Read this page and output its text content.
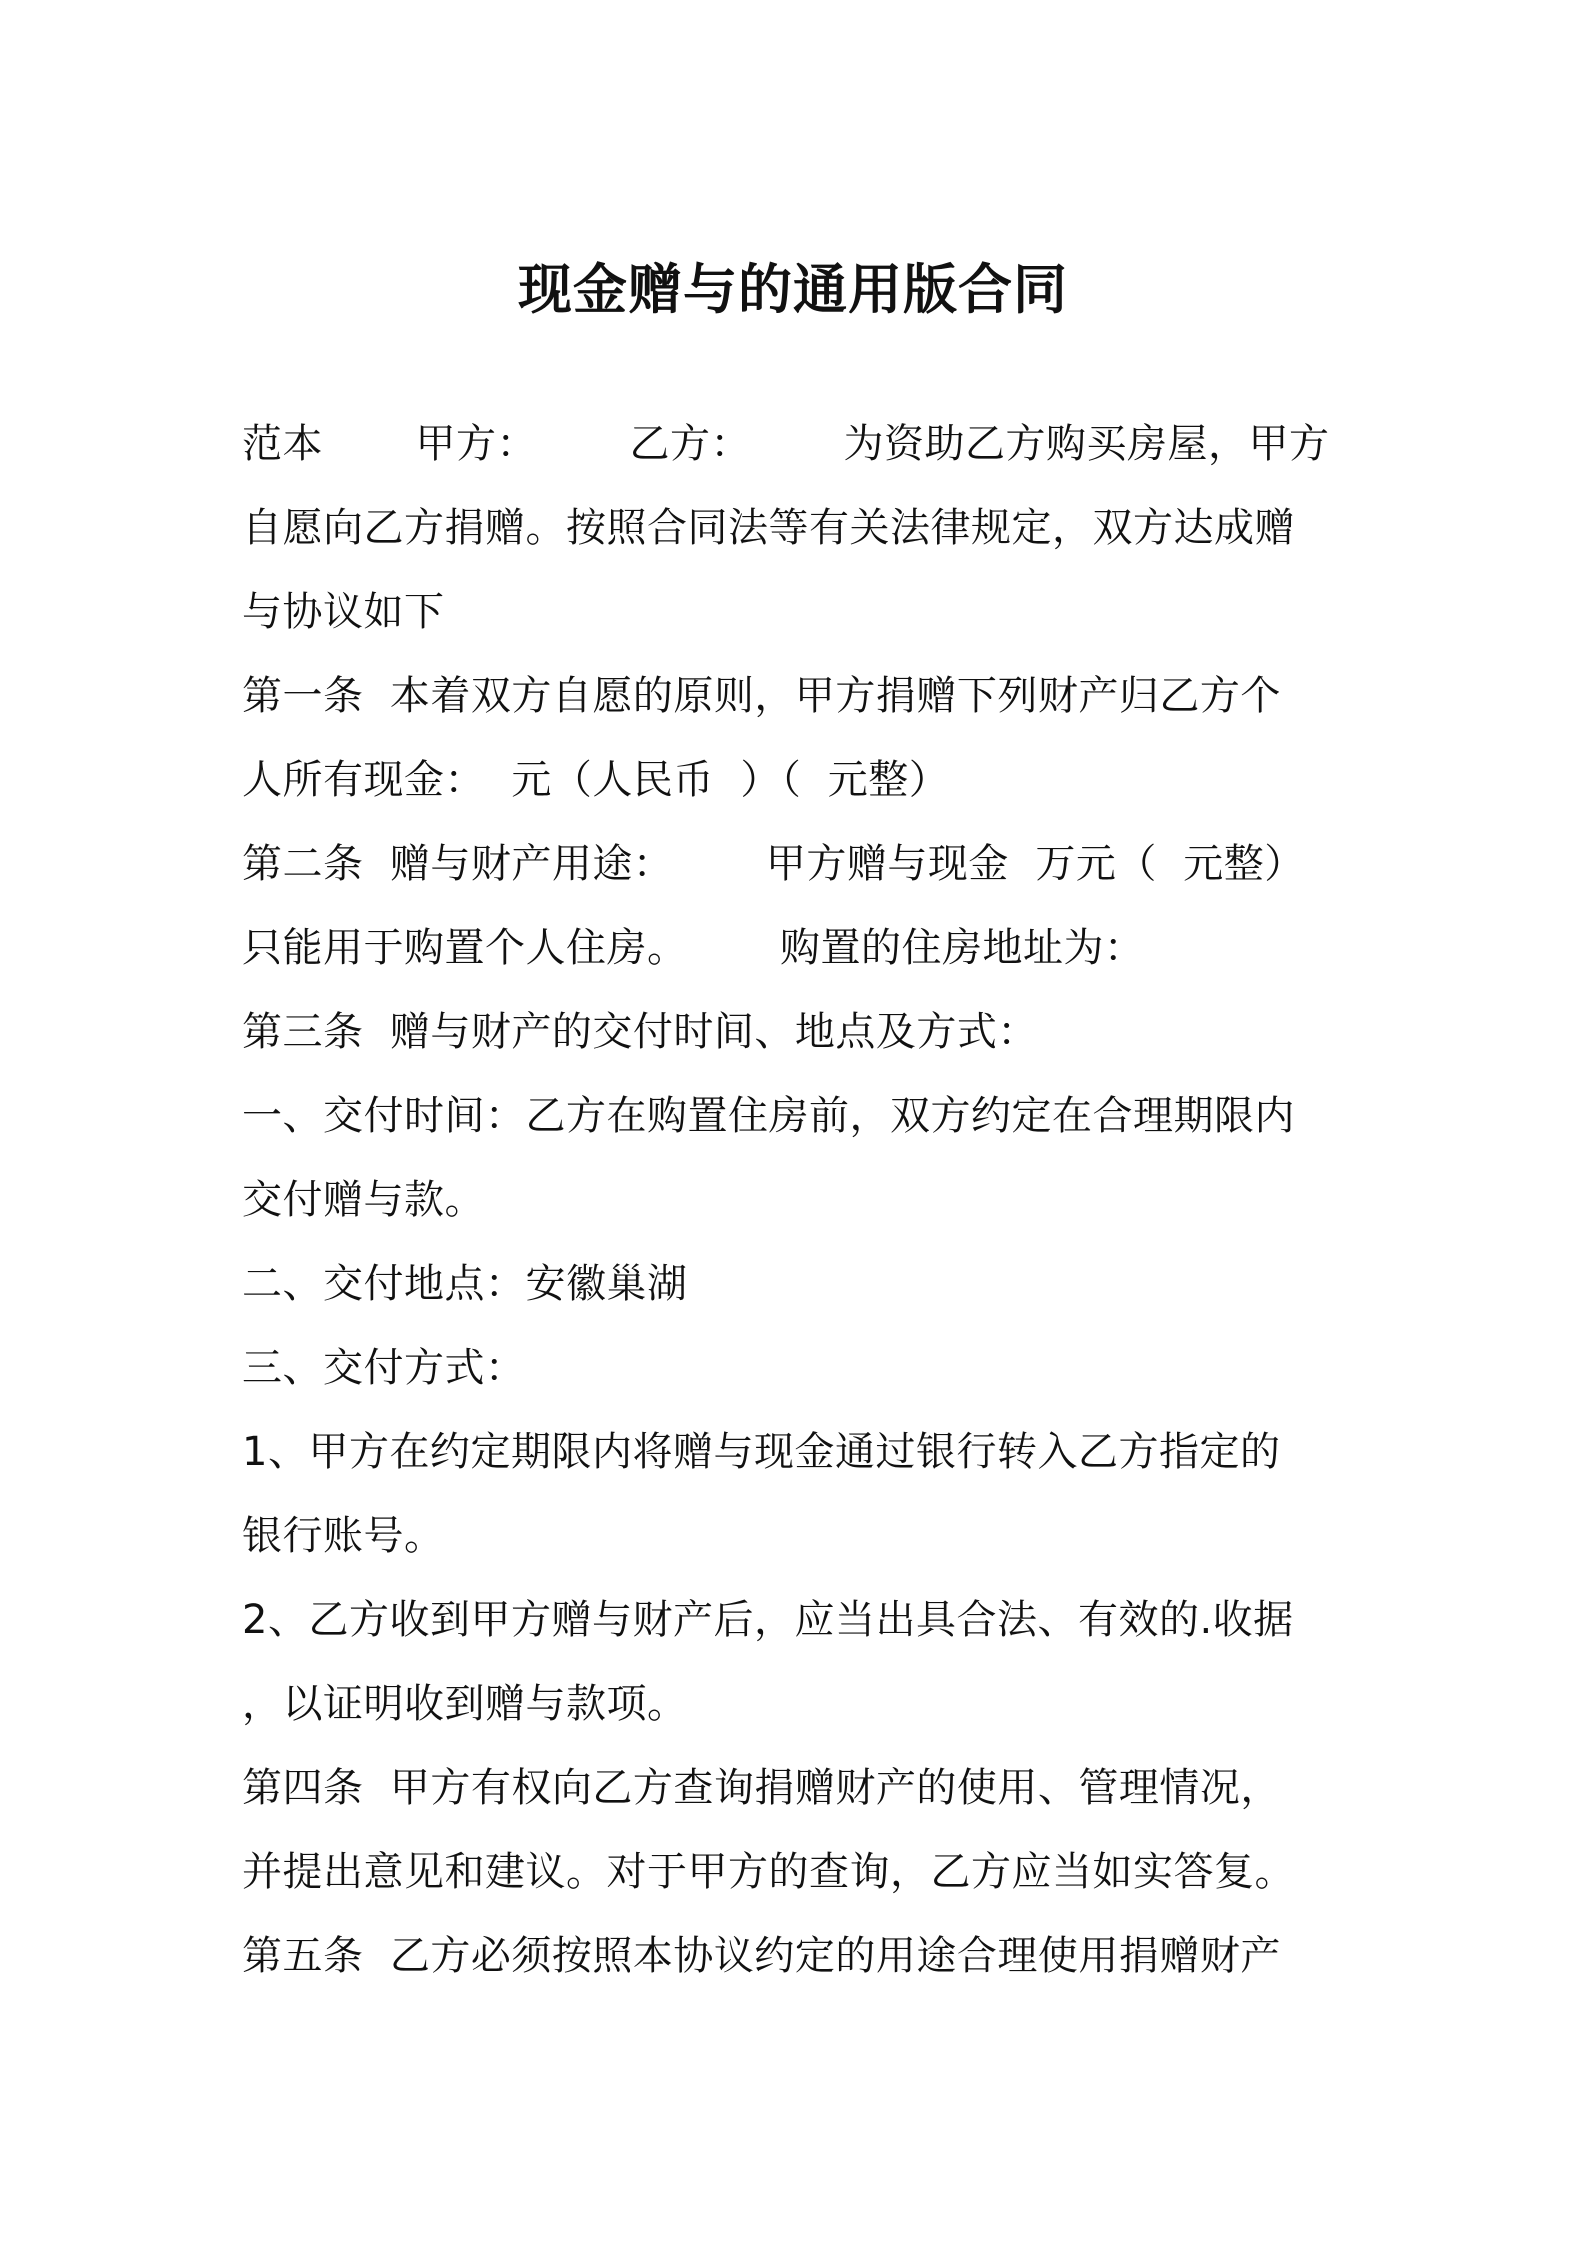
现金赠与的通用版合同
范本       甲方：       乙方：       为资助乙方购买房屋，甲方
自愿向乙方捐赠。按照合同法等有关法律规定，双方达成赠
与协议如下
第一条  本着双方自愿的原则，甲方捐赠下列财产归乙方个
人所有现金：  元（人民币  ）（  元整）
第二条  赠与财产用途：       甲方赠与现金  万元（  元整）
只能用于购置个人住房。       购置的住房地址为：
第三条  赠与财产的交付时间、地点及方式：
一、交付时间：乙方在购置住房前，双方约定在合理期限内
交付赠与款。
二、交付地点：安徽巢湖
三、交付方式：
1、甲方在约定期限内将赠与现金通过银行转入乙方指定的
银行账号。
2、乙方收到甲方赠与财产后，应当出具合法、有效的.收据
，以证明收到赠与款项。
第四条  甲方有权向乙方查询捐赠财产的使用、管理情况，
并提出意见和建议。对于甲方的查询，乙方应当如实答复。
第五条  乙方必须按照本协议约定的用途合理使用捐赠财产
